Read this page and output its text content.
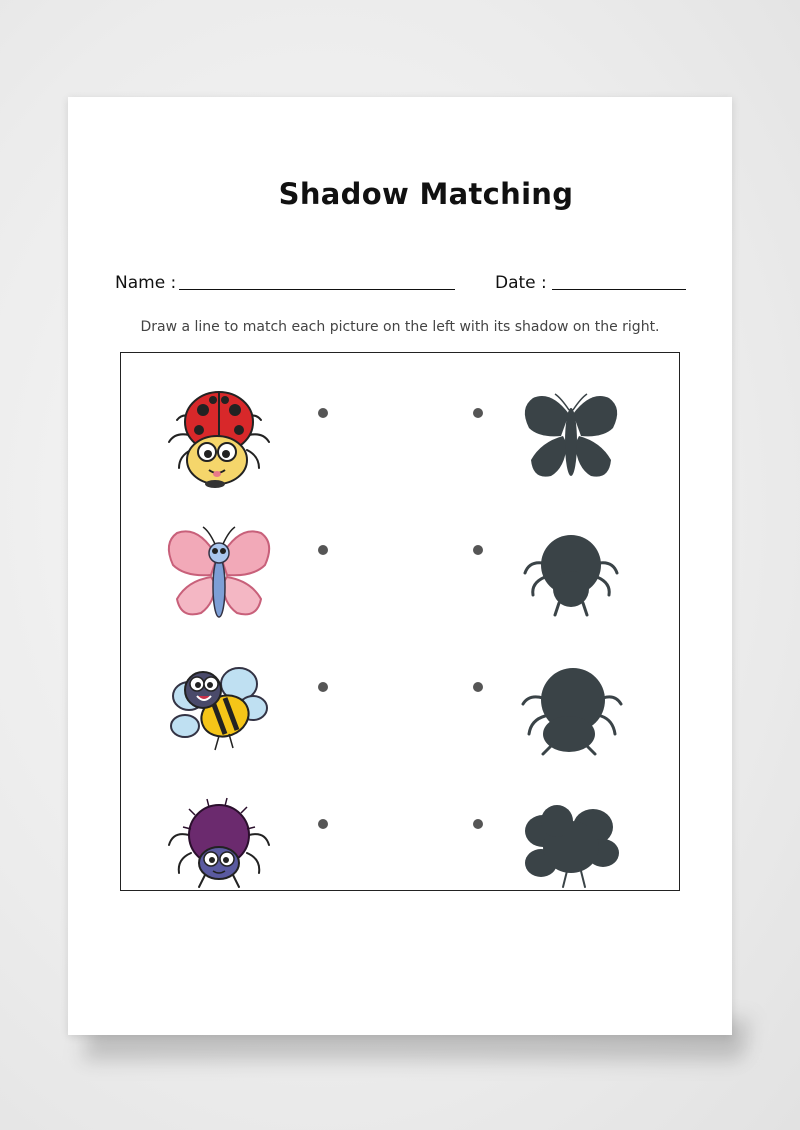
Shadow Matching
Name :	Date :
Draw a line to match each picture on the left with its shadow on the right.
